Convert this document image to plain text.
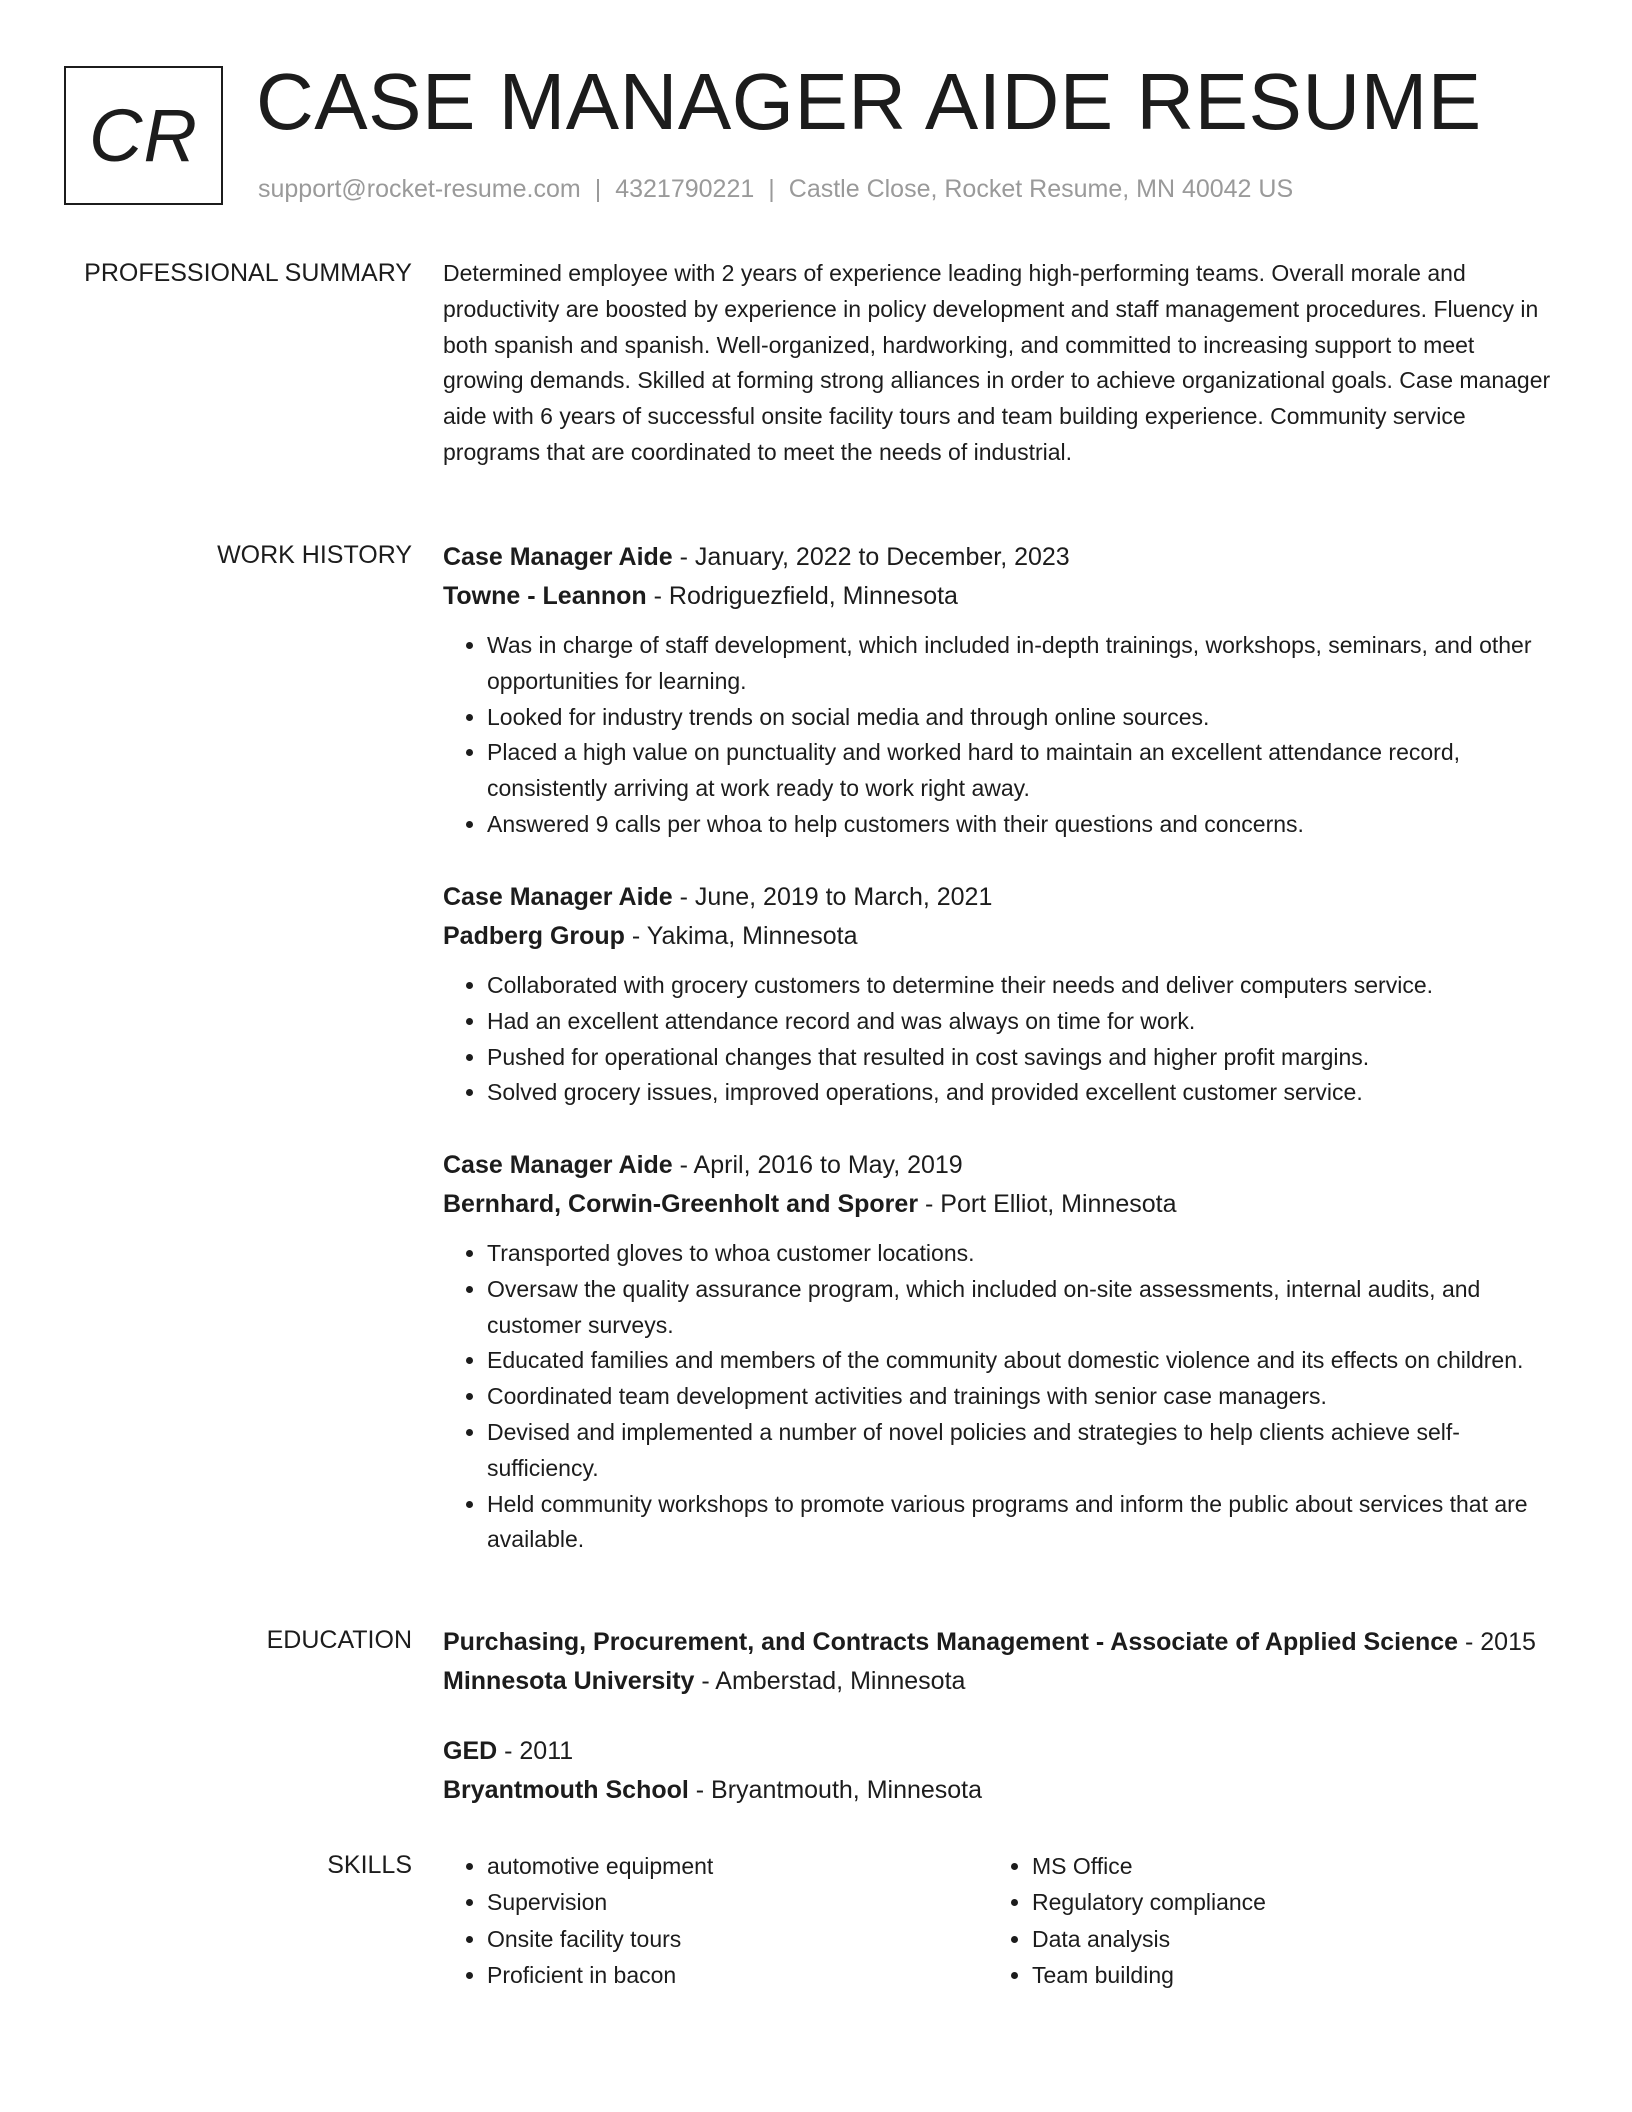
CR CASE MANAGER AIDE RESUME
support@rocket-resume.com | 4321790221 | Castle Close, Rocket Resume, MN 40042 US
PROFESSIONAL SUMMARY Determined employee with 2 years of experience leading high-performing teams. Overall morale and productivity are boosted by experience in policy development and staff management procedures. Fluency in both spanish and spanish. Well-organized, hardworking, and committed to increasing support to meet growing demands. Skilled at forming strong alliances in order to achieve organizational goals. Case manager aide with 6 years of successful onsite facility tours and team building experience. Community service programs that are coordinated to meet the needs of industrial.

WORK HISTORY Case Manager Aide - January, 2022 to December, 2023

Towne - Leannon - Rodriguezfield, Minnesota

• Was in charge of staff development, which included in-depth trainings, workshops, seminars, and other opportunities for learning.
• Looked for industry trends on social media and through online sources.
• Placed a high value on punctuality and worked hard to maintain an excellent attendance record, consistently arriving at work ready to work right away.
• Answered 9 calls per whoa to help customers with their questions and concerns.

Case Manager Aide - June, 2019 to March, 2021

Padberg Group - Yakima, Minnesota

• Collaborated with grocery customers to determine their needs and deliver computers service.
• Had an excellent attendance record and was always on time for work.
• Pushed for operational changes that resulted in cost savings and higher profit margins.
• Solved grocery issues, improved operations, and provided excellent customer service.

Case Manager Aide - April, 2016 to May, 2019

Bernhard, Corwin-Greenholt and Sporer - Port Elliot, Minnesota

• Transported gloves to whoa customer locations.
• Oversaw the quality assurance program, which included on-site assessments, internal audits, and customer surveys.
• Educated families and members of the community about domestic violence and its effects on children.
• Coordinated team development activities and trainings with senior case managers.
• Devised and implemented a number of novel policies and strategies to help clients achieve self-sufficiency.
• Held community workshops to promote various programs and inform the public about services that are available.
EDUCATION Purchasing, Procurement, and Contracts Management - Associate of Applied Science - 2015

Minnesota University - Amberstad, Minnesota

GED - 2011

Bryantmouth School - Bryantmouth, Minnesota

SKILLS
•	automotive equipment
• Supervision
• Onsite facility tours
• Proficient in bacon
• MS Office
• Regulatory compliance
• Data analysis
• Team building
